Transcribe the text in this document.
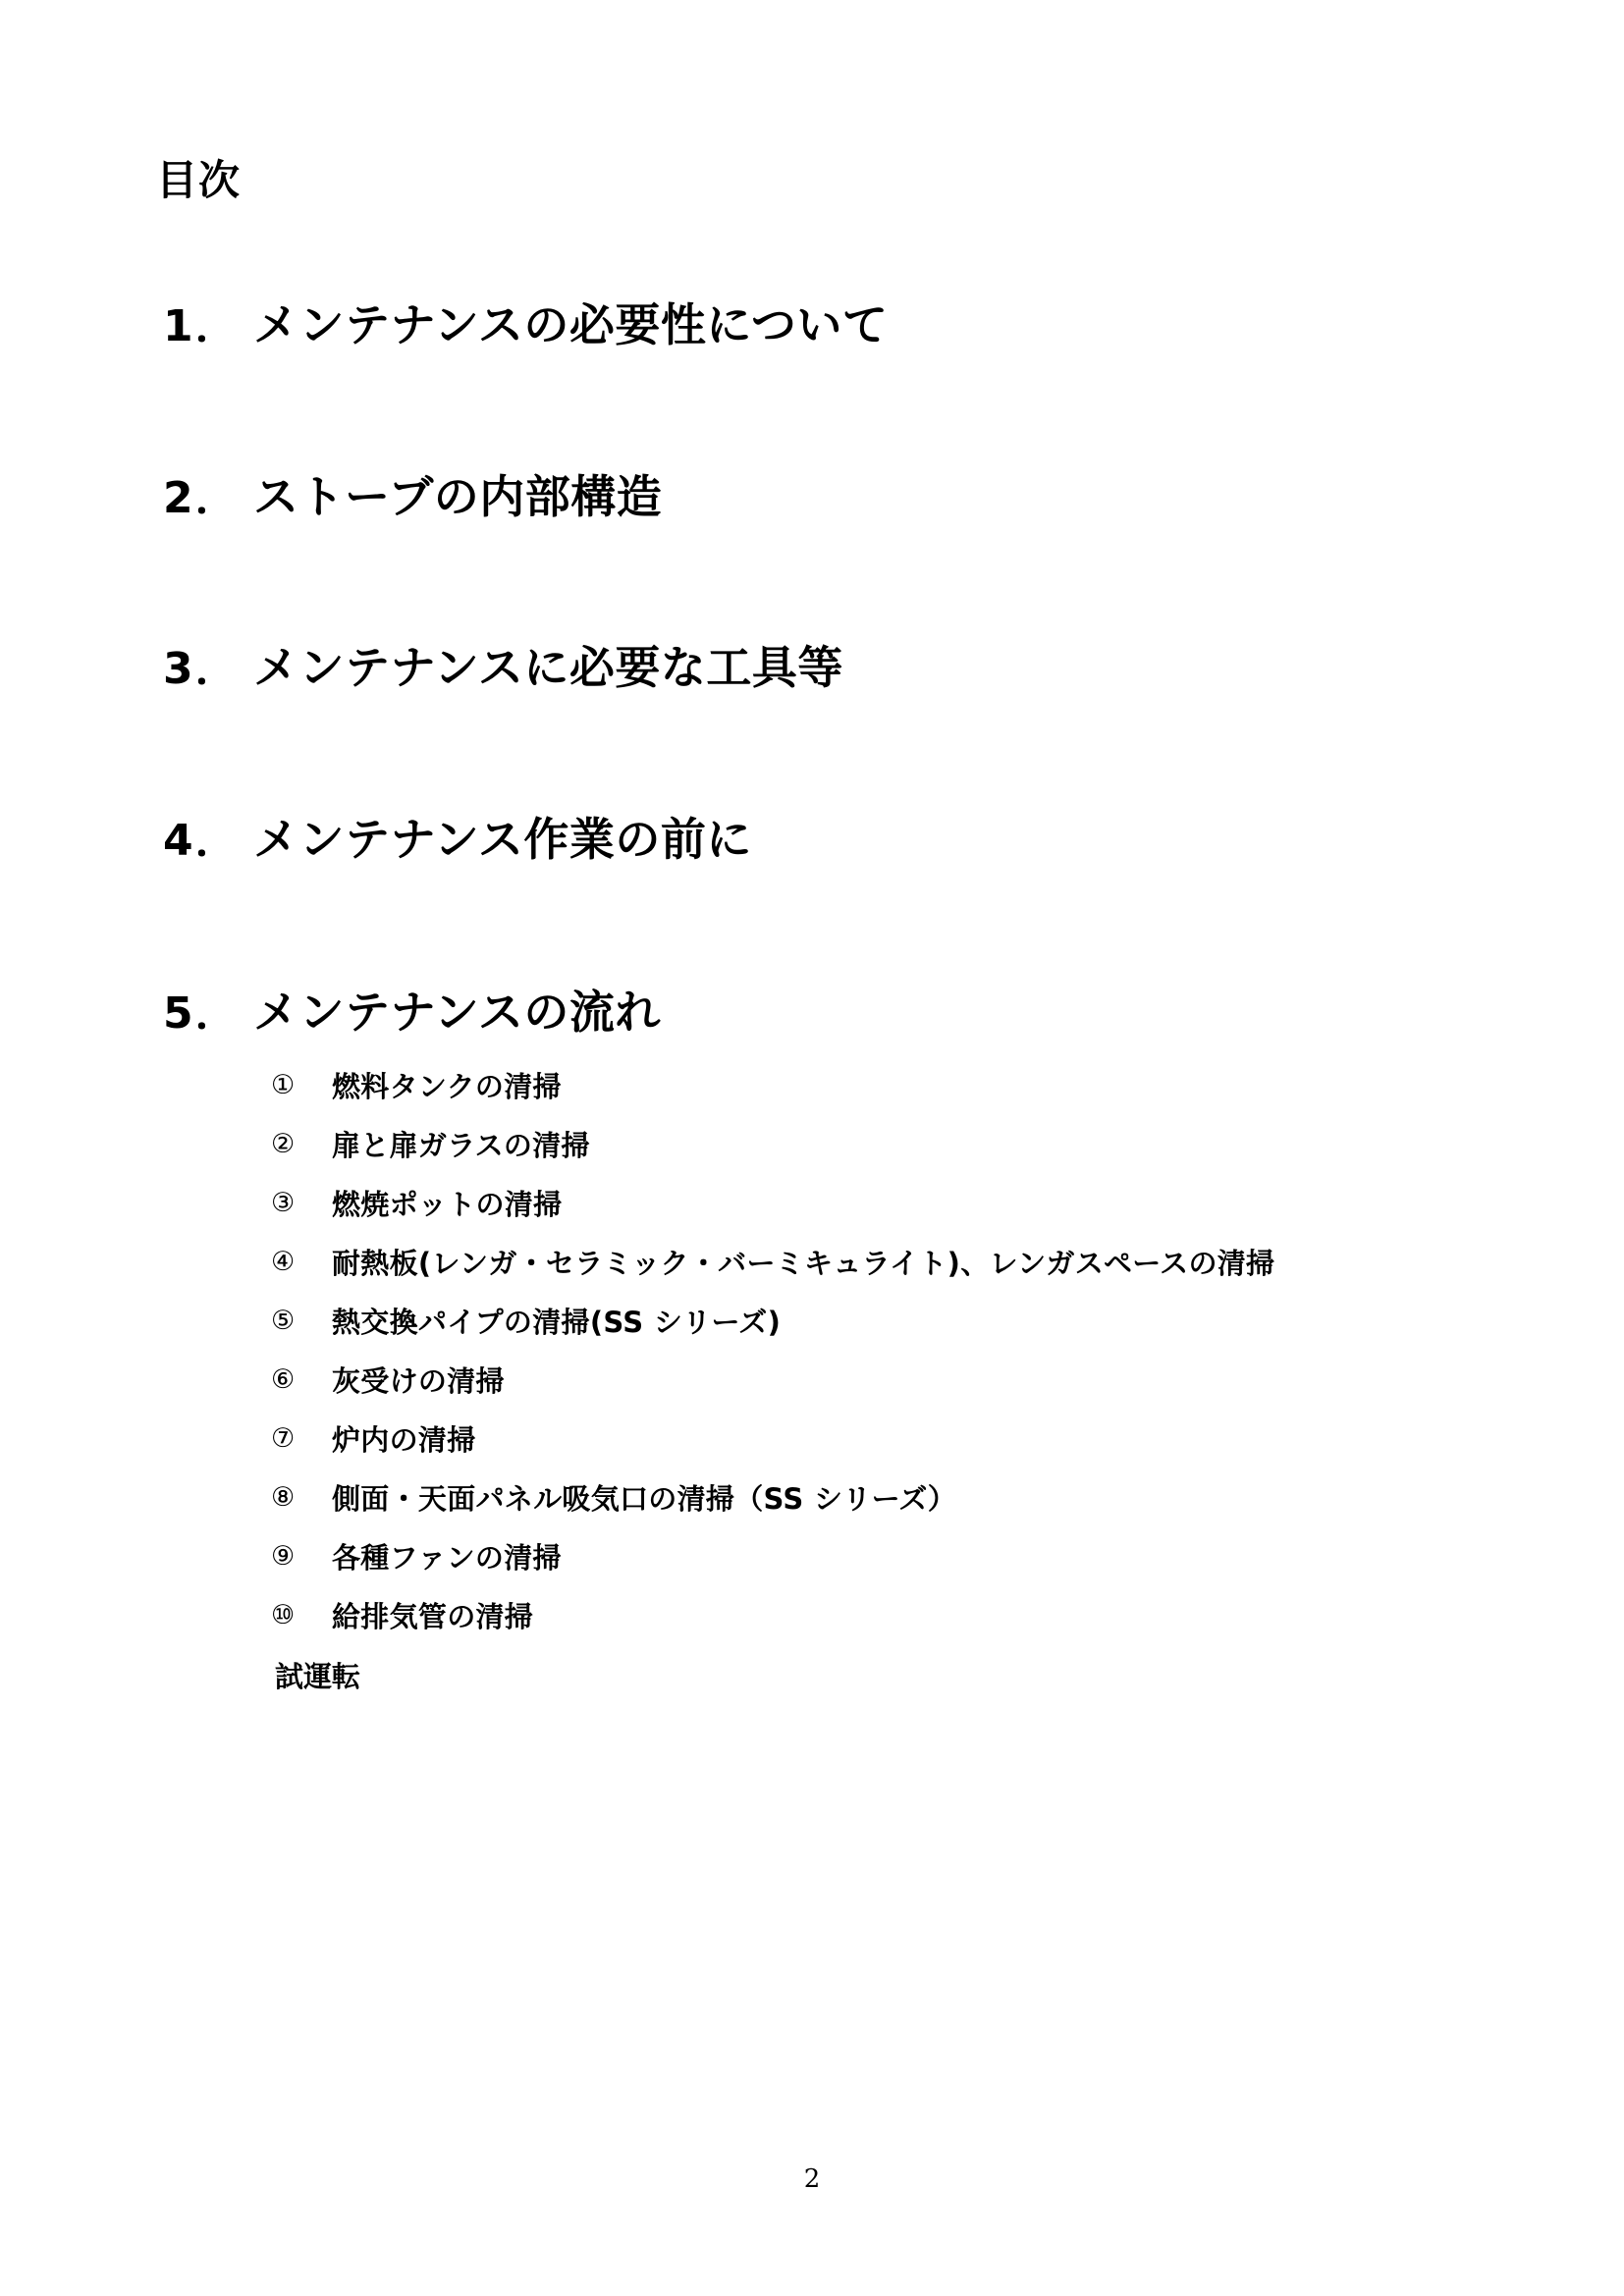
目次
1． メンテナンスの必要性について
2． ストーブの内部構造
3． メンテナンスに必要な工具等
4． メンテナンス作業の前に
5． メンテナンスの流れ
①	燃料タンクの清掃
②	扉と扉ガラスの清掃
③	燃焼ポットの清掃
④	耐熱板(レンガ・セラミック・バーミキュライト)、レンガスペースの清掃
⑤	熱交換パイプの清掃(SS シリーズ)
⑥	灰受けの清掃
⑦	炉内の清掃
⑧	側面・天面パネル吸気口の清掃（SS シリーズ）
⑨	各種ファンの清掃
⑩	給排気管の清掃
試運転
2
